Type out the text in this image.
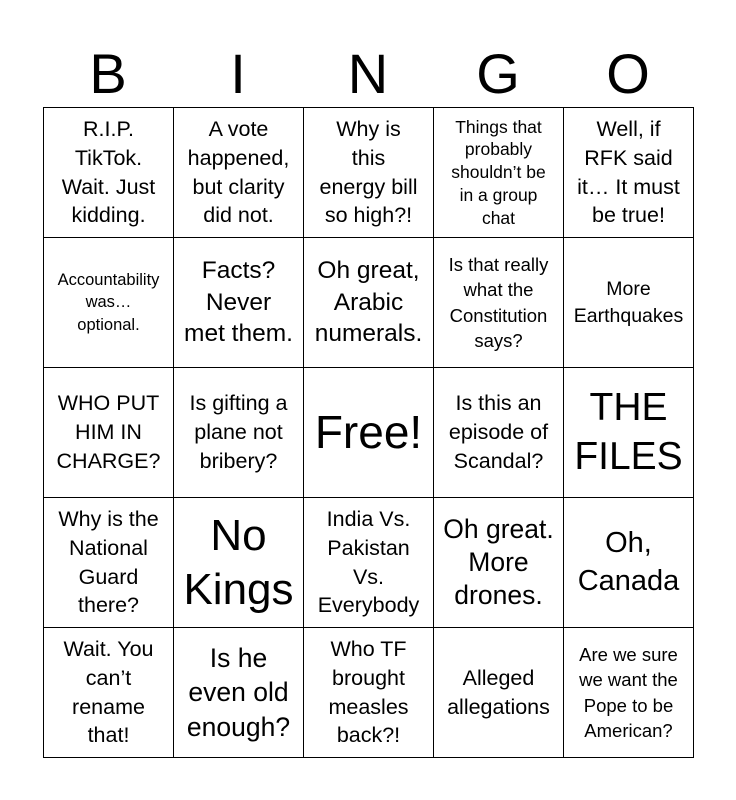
B	I	N	G	O
R.I.P.
TikTok.
Wait. Just
kidding.	A vote
happened,
but clarity
did not.	Why is
this
energy bill
so high?!	Things that
probably
shouldn’t be
in a group
chat	Well, if
RFK said
it… It must
be true!

Accountability
was…
optional.	Facts?
Never
met them.	Oh great,
Arabic
numerals.	Is that really
what the
Constitution
says?	More
Earthquakes

WHO PUT
HIM IN
CHARGE?	Is gifting a
plane not
bribery?	Free!	Is this an
episode of
Scandal?	THE
FILES

Why is the
National
Guard
there?	No
Kings	India Vs.
Pakistan
Vs.
Everybody	Oh great.
More
drones.	Oh,
Canada

Wait. You
can’t
rename
that!	Is he
even old
enough?	Who TF
brought
measles
back?!	Alleged
allegations	Are we sure
we want the
Pope to be
American?
